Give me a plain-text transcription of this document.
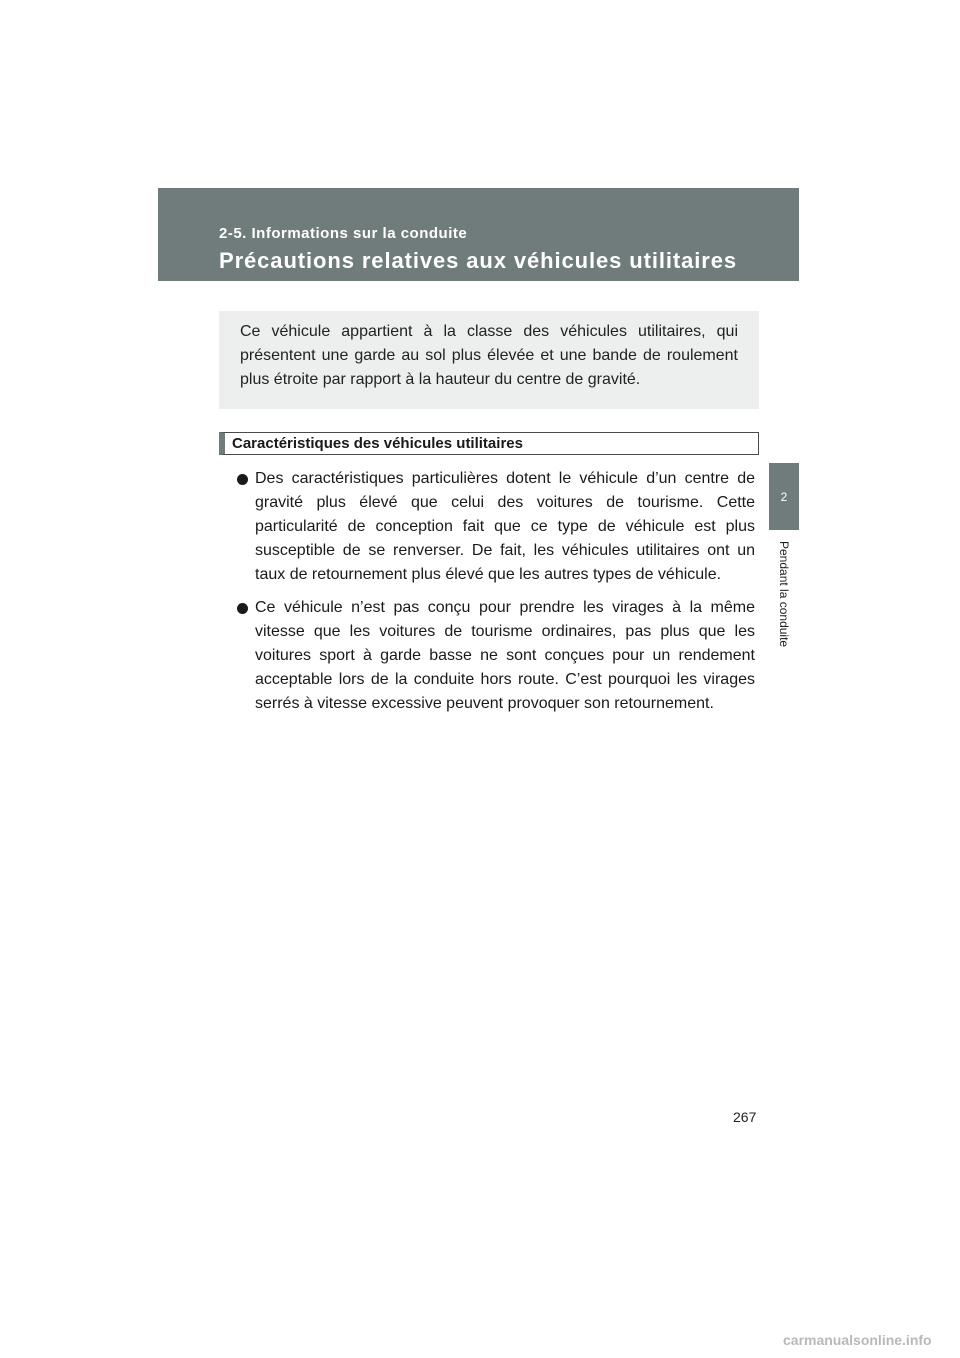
2-5. Informations sur la conduite
Précautions relatives aux véhicules utilitaires

Ce véhicule appartient à la classe des véhicules utilitaires, qui présentent une garde au sol plus élevée et une bande de roulement plus étroite par rapport à la hauteur du centre de gravité.

Caractéristiques des véhicules utilitaires

Des caractéristiques particulières dotent le véhicule d’un centre de gravité plus élevé que celui des voitures de tourisme. Cette particularité de conception fait que ce type de véhicule est plus susceptible de se renverser. De fait, les véhicules utilitaires ont un taux de retournement plus élevé que les autres types de véhicule.

Ce véhicule n’est pas conçu pour prendre les virages à la même vitesse que les voitures de tourisme ordinaires, pas plus que les voitures sport à garde basse ne sont conçues pour un rendement acceptable lors de la conduite hors route. C’est pourquoi les virages serrés à vitesse excessive peuvent provoquer son retournement.

2
Pendant la conduite
267
carmanualsonline.info
